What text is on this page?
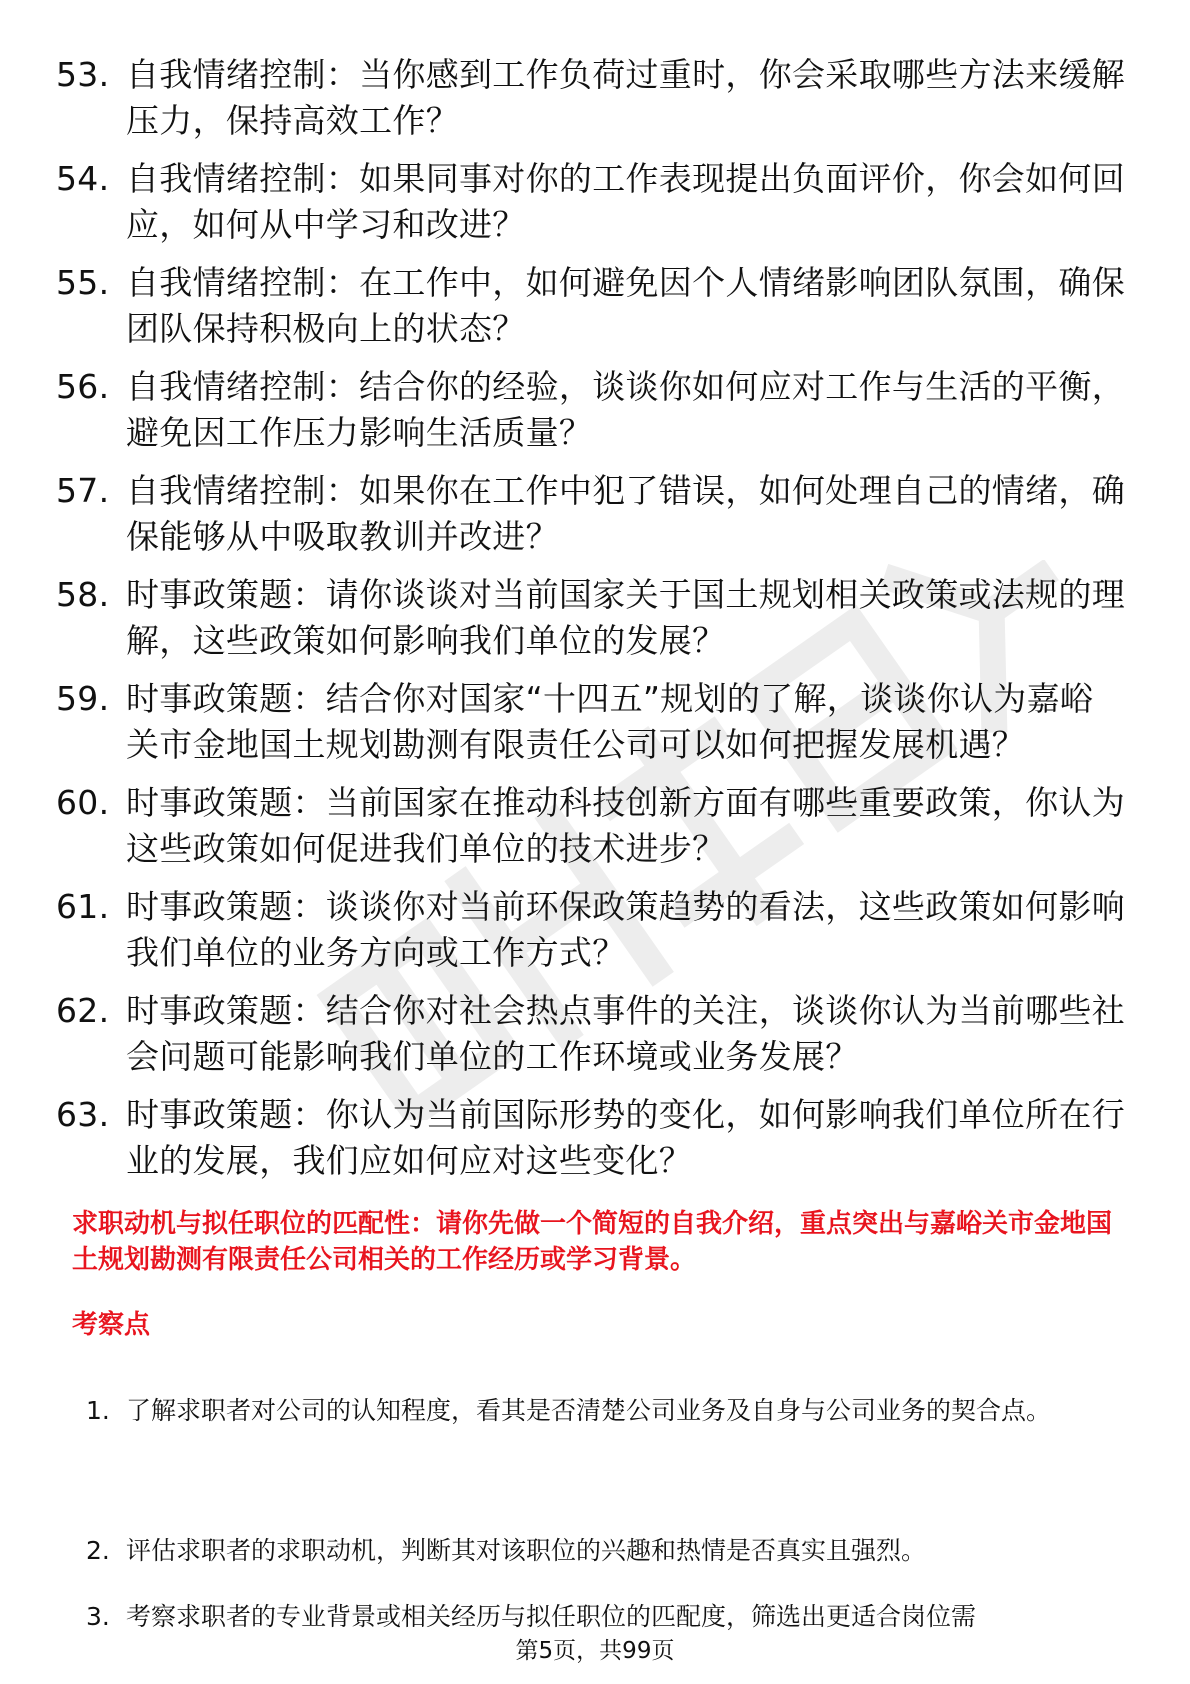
53. 自我情绪控制：当你感到工作负荷过重时，你会采取哪些方法来缓解压力，保持高效工作？
54. 自我情绪控制：如果同事对你的工作表现提出负面评价，你会如何回应，如何从中学习和改进？
55. 自我情绪控制：在工作中，如何避免因个人情绪影响团队氛围，确保团队保持积极向上的状态？
56. 自我情绪控制：结合你的经验，谈谈你如何应对工作与生活的平衡，避免因工作压力影响生活质量？
57. 自我情绪控制：如果你在工作中犯了错误，如何处理自己的情绪，确保能够从中吸取教训并改进？
58. 时事政策题：请你谈谈对当前国家关于国土规划相关政策或法规的理解，这些政策如何影响我们单位的发展？
59. 时事政策题：结合你对国家“十四五”规划的了解，谈谈你认为嘉峪关市金地国土规划勘测有限责任公司可以如何把握发展机遇？
60. 时事政策题：当前国家在推动科技创新方面有哪些重要政策，你认为这些政策如何促进我们单位的技术进步？
61. 时事政策题：谈谈你对当前环保政策趋势的看法，这些政策如何影响我们单位的业务方向或工作方式？
62. 时事政策题：结合你对社会热点事件的关注，谈谈你认为当前哪些社会问题可能影响我们单位的工作环境或业务发展？
63. 时事政策题：你认为当前国际形势的变化，如何影响我们单位所在行业的发展，我们应如何应对这些变化？
求职动机与拟任职位的匹配性：请你先做一个简短的自我介绍，重点突出与嘉峪关市金地国土规划勘测有限责任公司相关的工作经历或学习背景。
考察点
1. 了解求职者对公司的认知程度，看其是否清楚公司业务及自身与公司业务的契合点。
2. 评估求职者的求职动机，判断其对该职位的兴趣和热情是否真实且强烈。
3. 考察求职者的专业背景或相关经历与拟任职位的匹配度，筛选出更适合岗位需
第5页，共99页
